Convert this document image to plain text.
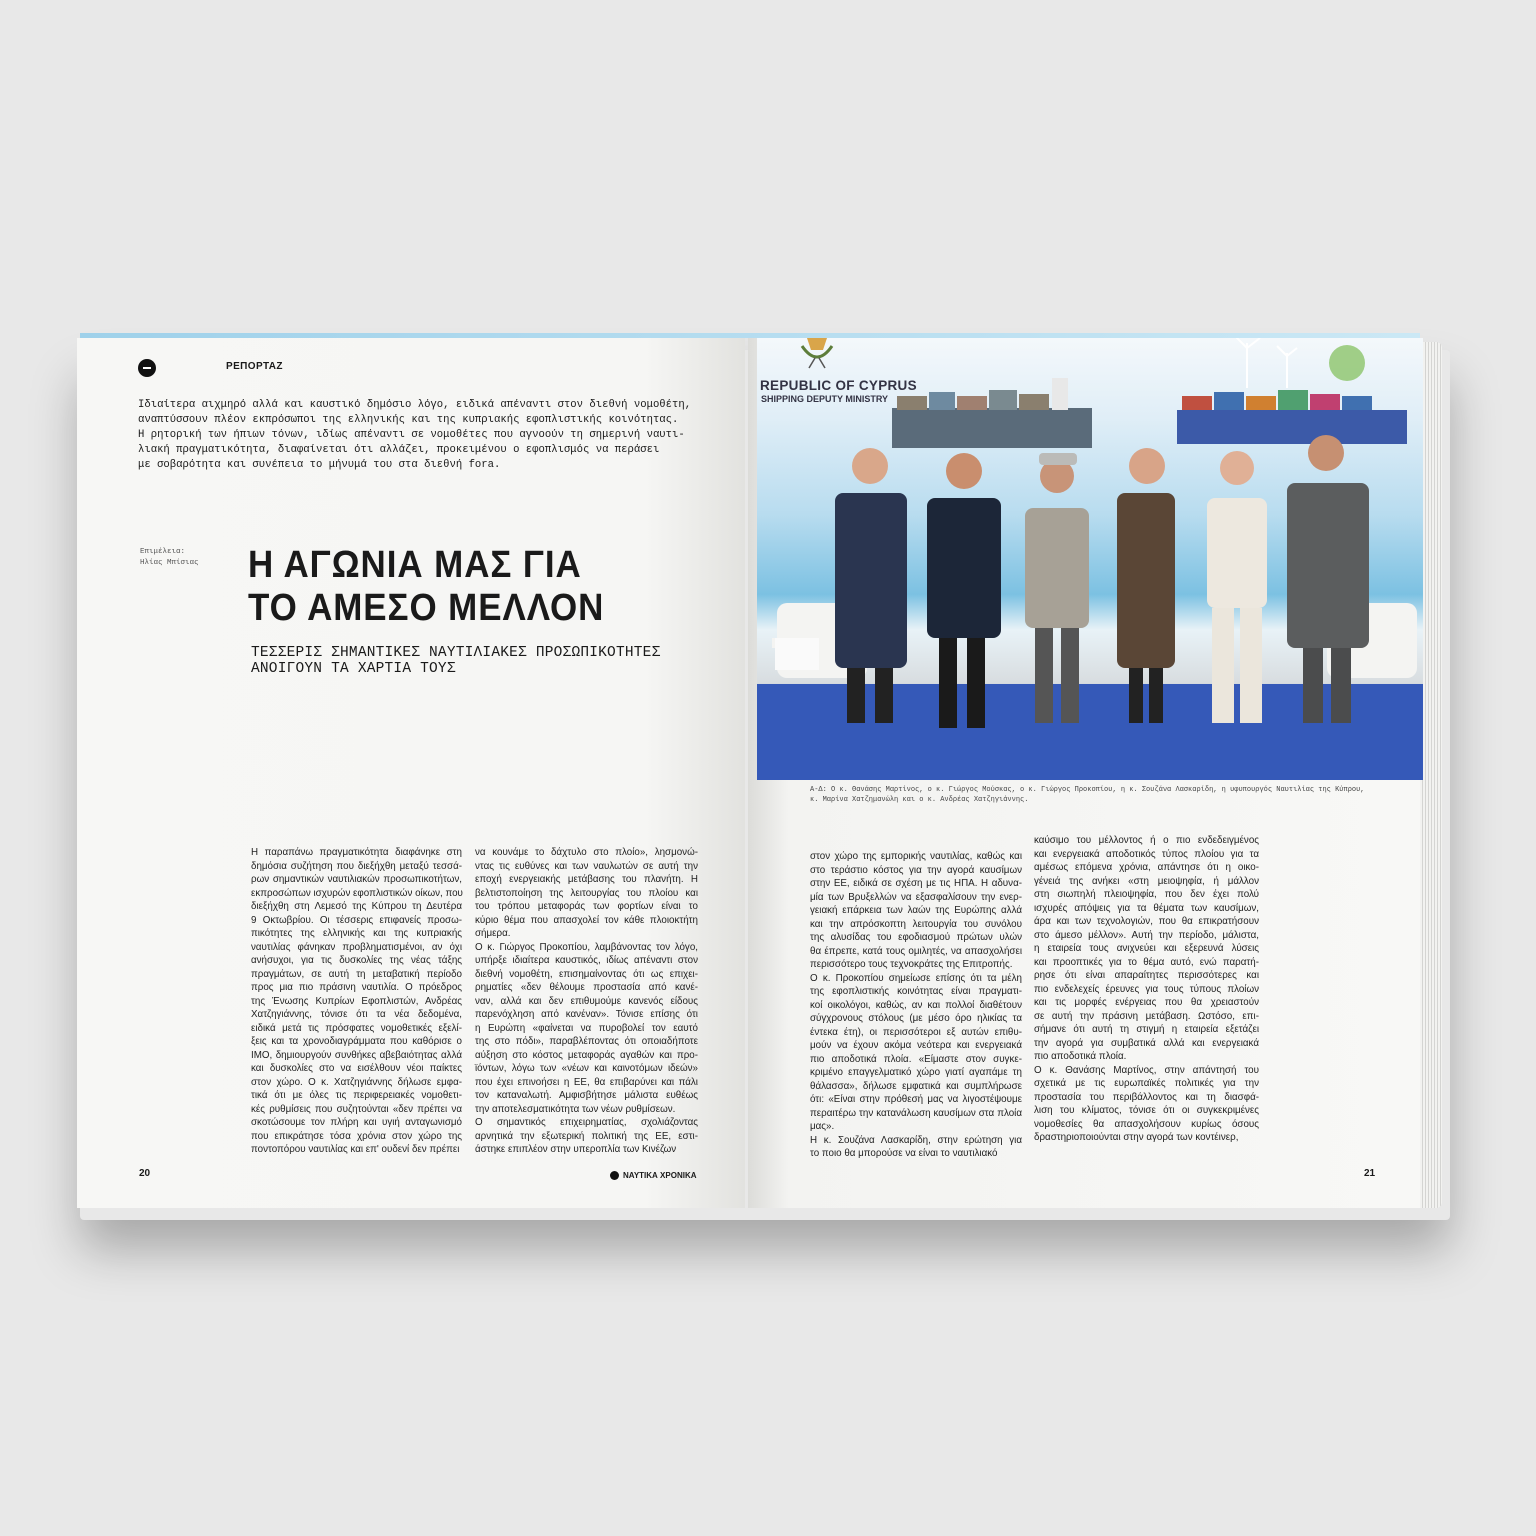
ΡΕΠΟΡΤΑΖ
Ιδιαίτερα αιχμηρό αλλά και καυστικό δημόσιο λόγο, ειδικά απέναντι στον διεθνή νομοθέτη,
αναπτύσσουν πλέον εκπρόσωποι της ελληνικής και της κυπριακής εφοπλιστικής κοινότητας.
Η ρητορική των ήπιων τόνων, ιδίως απέναντι σε νομοθέτες που αγνοούν τη σημερινή ναυτι-
λιακή πραγματικότητα, διαφαίνεται ότι αλλάζει, προκειμένου ο εφοπλισμός να περάσει
με σοβαρότητα και συνέπεια το μήνυμά του στα διεθνή fora.
Επιμέλεια:
Ηλίας Μπίσιας Η ΑΓΩΝΙΑ ΜΑΣ ΓΙΑ
ΤΟ ΑΜΕΣΟ ΜΕΛΛΟΝ
ΤΕΣΣΕΡΙΣ ΣΗΜΑΝΤΙΚΕΣ ΝΑΥΤΙΛΙΑΚΕΣ ΠΡΟΣΩΠΙΚΟΤΗΤΕΣ
ΑΝΟΙΓΟΥΝ ΤΑ ΧΑΡΤΙΑ ΤΟΥΣ
Η παραπάνω πραγματικότητα διαφάνηκε στη
δημόσια συζήτηση που διεξήχθη μεταξύ τεσσά-
ρων σημαντικών ναυτιλιακών προσωπικοτήτων,
εκπροσώπων ισχυρών εφοπλιστικών οίκων, που
διεξήχθη στη Λεμεσό της Κύπρου τη Δευτέρα
9 Οκτωβρίου. Οι τέσσερις επιφανείς προσω-
πικότητες της ελληνικής και της κυπριακής
ναυτιλίας φάνηκαν προβληματισμένοι, αν όχι
ανήσυχοι, για τις δυσκολίες της νέας τάξης
πραγμάτων, σε αυτή τη μεταβατική περίοδο
προς μια πιο πράσινη ναυτιλία. Ο πρόεδρος
της Ένωσης Κυπρίων Εφοπλιστών, Ανδρέας
Χατζηγιάννης, τόνισε ότι τα νέα δεδομένα,
ειδικά μετά τις πρόσφατες νομοθετικές εξελί-
ξεις και τα χρονοδιαγράμματα που καθόρισε ο
ΙΜΟ, δημιουργούν συνθήκες αβεβαιότητας αλλά
και δυσκολίες στο να εισέλθουν νέοι παίκτες
στον χώρο. Ο κ. Χατζηγιάννης δήλωσε εμφα-
τικά ότι με όλες τις περιφερειακές νομοθετι-
κές ρυθμίσεις που συζητούνται «δεν πρέπει να
σκοτώσουμε τον πλήρη και υγιή ανταγωνισμό
που επικράτησε τόσα χρόνια στον χώρο της
ποντοπόρου ναυτιλίας και επ' ουδενί δεν πρέπει
να κουνάμε το δάχτυλο στο πλοίο», λησμονώ-
ντας τις ευθύνες και των ναυλωτών σε αυτή την
εποχή ενεργειακής μετάβασης του πλανήτη. Η
βελτιστοποίηση της λειτουργίας του πλοίου και
του τρόπου μεταφοράς των φορτίων είναι το
κύριο θέμα που απασχολεί τον κάθε πλοιοκτήτη
σήμερα.
Ο κ. Γιώργος Προκοπίου, λαμβάνοντας τον λόγο,
υπήρξε ιδιαίτερα καυστικός, ιδίως απέναντι στον
διεθνή νομοθέτη, επισημαίνοντας ότι ως επιχει-
ρηματίες «δεν θέλουμε προστασία από κανέ-
ναν, αλλά και δεν επιθυμούμε κανενός είδους
παρενόχληση από κανέναν». Τόνισε επίσης ότι
η Ευρώπη «φαίνεται να πυροβολεί τον εαυτό
της στο πόδι», παραβλέποντας ότι οποιαδήποτε
αύξηση στο κόστος μεταφοράς αγαθών και προ-
ϊόντων, λόγω των «νέων και καινοτόμων ιδεών»
που έχει επινοήσει η ΕΕ, θα επιβαρύνει και πάλι
τον καταναλωτή. Αμφισβήτησε μάλιστα ευθέως
την αποτελεσματικότητα των νέων ρυθμίσεων.
Ο σημαντικός επιχειρηματίας, σχολιάζοντας
αρνητικά την εξωτερική πολιτική της ΕΕ, εστι-
άστηκε επιπλέον στην υπεροπλία των Κινέζων
20	ΝΑΥΤΙΚΑ ΧΡΟΝΙΚΑ
REPUBLIC OF CYPRUS
SHIPPING DEPUTY MINISTRY
Α-Δ: Ο κ. Θανάσης Μαρτίνος, ο κ. Γιώργος Μούσκας, ο κ. Γιώργος Προκοπίου, η κ. Σουζάνα Λασκαρίδη, η υφυπουργός Ναυτιλίας της Κύπρου,
κ. Μαρίνα Χατζημανώλη και ο κ. Ανδρέας Χατζηγιάννης.
στον χώρο της εμπορικής ναυτιλίας, καθώς και
στο τεράστιο κόστος για την αγορά καυσίμων
στην ΕΕ, ειδικά σε σχέση με τις ΗΠΑ. Η αδυνα-
μία των Βρυξελλών να εξασφαλίσουν την ενερ-
γειακή επάρκεια των λαών της Ευρώπης αλλά
και την απρόσκοπτη λειτουργία του συνόλου
της αλυσίδας του εφοδιασμού πρώτων υλών
θα έπρεπε, κατά τους ομιλητές, να απασχολήσει
περισσότερο τους τεχνοκράτες της Επιτροπής.
Ο κ. Προκοπίου σημείωσε επίσης ότι τα μέλη
της εφοπλιστικής κοινότητας είναι πραγματι-
κοί οικολόγοι, καθώς, αν και πολλοί διαθέτουν
σύγχρονους στόλους (με μέσο όρο ηλικίας τα
έντεκα έτη), οι περισσότεροι εξ αυτών επιθυ-
μούν να έχουν ακόμα νεότερα και ενεργειακά
πιο αποδοτικά πλοία. «Είμαστε στον συγκε-
κριμένο επαγγελματικό χώρο γιατί αγαπάμε τη
θάλασσα», δήλωσε εμφατικά και συμπλήρωσε
ότι: «Είναι στην πρόθεσή μας να λιγοστέψουμε
περαιτέρω την κατανάλωση καυσίμων στα πλοία
μας».
Η κ. Σουζάνα Λασκαρίδη, στην ερώτηση για
το ποιο θα μπορούσε να είναι το ναυτιλιακό
καύσιμο του μέλλοντος ή ο πιο ενδεδειγμένος
και ενεργειακά αποδοτικός τύπος πλοίου για τα
αμέσως επόμενα χρόνια, απάντησε ότι η οικο-
γένειά της ανήκει «στη μειοψηφία, ή μάλλον
στη σιωπηλή πλειοψηφία, που δεν έχει πολύ
ισχυρές απόψεις για τα θέματα των καυσίμων,
άρα και των τεχνολογιών, που θα επικρατήσουν
στο άμεσο μέλλον». Αυτή την περίοδο, μάλιστα,
η εταιρεία τους ανιχνεύει και εξερευνά λύσεις
και προοπτικές για το θέμα αυτό, ενώ παρατή-
ρησε ότι είναι απαραίτητες περισσότερες και
πιο ενδελεχείς έρευνες για τους τύπους πλοίων
και τις μορφές ενέργειας που θα χρειαστούν
σε αυτή την πράσινη μετάβαση. Ωστόσο, επι-
σήμανε ότι αυτή τη στιγμή η εταιρεία εξετάζει
την αγορά για συμβατικά αλλά και ενεργειακά
πιο αποδοτικά πλοία.
Ο κ. Θανάσης Μαρτίνος, στην απάντησή του
σχετικά με τις ευρωπαϊκές πολιτικές για την
προστασία του περιβάλλοντος και τη διασφά-
λιση του κλίματος, τόνισε ότι οι συγκεκριμένες
νομοθεσίες θα απασχολήσουν κυρίως όσους
δραστηριοποιούνται στην αγορά των κοντέινερ,
21
